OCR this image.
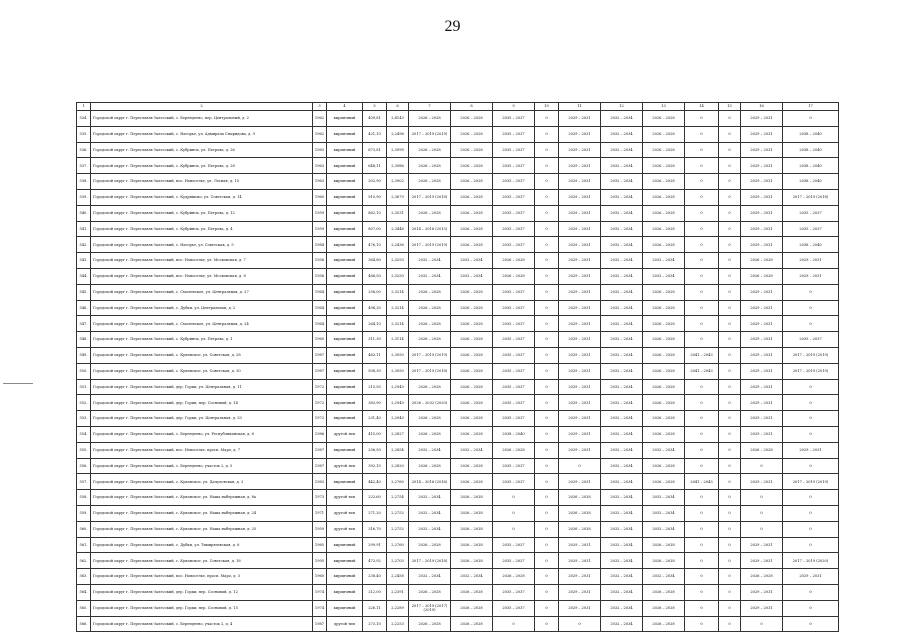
29
1	2	3	4	5	6	7	8	9	10	11	12	13	14	15	16	17
534.	Городской округ г. Переславль-Залесский, с. Берендеево, пер. Центральный, д. 2	1962	кирпичный	409,81	2,4143	2026 – 2028	2026 – 2028	2035 – 2037	0	2029 – 2031	2032 – 2034	2026 – 2028	0	0	2029 – 2031	0
535.	Городской округ г. Переславль-Залесский, с. Нагорье, ул. Адмирала Спиридова, д. 9	1962	кирпичный	421,10	2,2496	2017 – 2019 (2019)	2026 – 2028	2035 – 2037	0	2029 – 2031	2032 – 2034	2026 – 2028	0	0	2029 – 2031	2038 – 2040
536.	Городской округ г. Переславль-Залесский, с. Кубринск, ул. Петрова, д. 26	1983	кирпичный	673,81	2,3999	2026 – 2028	2026 – 2028	2035 – 2037	0	2029 – 2031	2032 – 2034	2026 – 2028	0	0	2029 – 2031	2038 – 2040
537.	Городской округ г. Переславль-Залесский, с. Кубринск, ул. Петрова, д. 28	1963	кирпичный	648,11	2,3986	2026 – 2028	2026 – 2028	2035 – 2037	0	2029 – 2031	2032 – 2034	2026 – 2028	0	0	2029 – 2031	2038 – 2040
538.	Городской округ г. Переславль-Залесский, пос. Новоселье, ул. Лесная, д. 10	1963	кирпичный	202,90	2,3902	2026 – 2028	2026 – 2028	2035 – 2037	0	2029 – 2031	2032 – 2034	2026 – 2028	0	0	2029 – 2031	2038 – 2040
539.	Городской округ г. Переславль-Залесский, с. Кудряшово, ул. Советская, д. 14	1960	кирпичный	910,90	2,3679	2017 – 2019 (2018)	2026 – 2028	2035 – 2037	0	2029 – 2031	2032 – 2034	2026 – 2028	0	0	2029 – 2031	2017 – 2019 (2018)
540.	Городской округ г. Переславль-Залесский, с. Кубринск, ул. Петрова, д. 12	1959	кирпичный	862,10	2,3531	2026 – 2028	2026 – 2028	2035 – 2037	0	2029 – 2031	2032 – 2034	2026 – 2028	0	0	2029 – 2031	2035 – 2037
541.	Городской округ г. Переславль-Залесский, с. Кубринск, ул. Петрова, д. 4	1959	кирпичный	807,00	2,3448	2014 – 2016 (2015)	2026 – 2028	2035 – 2037	0	2029 – 2031	2032 – 2034	2026 – 2028	0	0	2029 – 2031	2035 – 2037
542.	Городской округ г. Переславль-Залесский, с. Нагорье, ул. Советская, д. 5	1984	кирпичный	476,10	2,2436	2017 – 2019 (2019)	2026 – 2028	2035 – 2037	0	2029 – 2031	2032 – 2034	2026 – 2028	0	0	2029 – 2031	2038 – 2040
543.	Городской округ г. Переславль-Залесский, пос. Новоселье, ул. Московская, д. 7	1956	кирпичный	364,80	2,3293	2032 – 2034	2032 – 2034	2026 – 2028	0	2029 – 2031	2032 – 2034	2032 – 2034	0	0	2026 – 2028	2029 – 2031
544.	Городской округ г. Переславль-Залесский, пос. Новоселье, ул. Московская, д. 8	1956	кирпичный	486,50	2,3250	2032 – 2034	2032 – 2034	2026 – 2028	0	2029 – 2031	2032 – 2034	2032 – 2034	0	0	2026 – 2028	2029 – 2031
545.	Городской округ г. Переславль-Залесский, с. Смоленское, ул. Центральная, д. 27	1964	кирпичный	258,00	2,3214	2026 – 2028	2026 – 2028	2035 – 2037	0	2029 – 2031	2032 – 2034	2026 – 2028	0	0	2029 – 2031	0
546.	Городской округ г. Переславль-Залесский, с. Дубки, ул. Центральная, д. 2	1964	кирпичный	496,30	2,3214	2026 – 2028	2026 – 2028	2035 – 2037	0	2029 – 2031	2032 – 2034	2026 – 2028	0	0	2029 – 2031	0
547.	Городской округ г. Переславль-Залесский, с. Смоленское, ул. Центральная, д. 24	1964	кирпичный	264,10	2,3214	2026 – 2028	2026 – 2028	2035 – 2037	0	2029 – 2031	2032 – 2034	2026 – 2028	0	0	2029 – 2031	0
548.	Городской округ г. Переславль-Залесский, с. Кубринск, ул. Петрова, д. 1	1960	кирпичный	311,30	2,3114	2026 – 2028	2026 – 2028	2035 – 2037	0	2029 – 2031	2032 – 2034	2026 – 2028	0	0	2029 – 2031	2035 – 2037
549.	Городской округ г. Переславль-Залесский, с. Купанское, ул. Советская, д. 28	1987	кирпичный	463,11	2,3050	2017 – 2019 (2019)	2026 – 2028	2035 – 2037	0	2029 – 2031	2032 – 2034	2026 – 2028	2041 – 2043	0	2029 – 2031	2017 – 2019 (2019)
550.	Городской округ г. Переславль-Залесский, с. Купанское, ул. Советская, д. 30	1987	кирпичный	508,30	2,3050	2017 – 2019 (2018)	2026 – 2028	2035 – 2037	0	2029 – 2031	2032 – 2034	2026 – 2028	2041 – 2043	0	2029 – 2031	2017 – 2019 (2019)
551.	Городской округ г. Переславль-Залесский, дер. Горки, ул. Центральная, д. 11	1972	кирпичный	215,93	2,2940	2026 – 2028	2026 – 2028	2035 – 2037	0	2029 – 2031	2032 – 2034	2026 – 2028	0	0	2029 – 2031	0
552.	Городской округ г. Переславль-Залесский, дер. Горки, пер. Сосновый, д. 14	1972	кирпичный	383,90	2,2940	2026 – 2032 (2020)	2026 – 2028	2035 – 2037	0	2029 – 2031	2032 – 2034	2026 – 2028	0	0	2029 – 2031	0
553.	Городской округ г. Переславль-Залесский, дер. Горки, ул. Центральная, д. 33	1972	кирпичный	231,40	2,2940	2026 – 2028	2026 – 2028	2035 – 2037	0	2029 – 2031	2032 – 2034	2026 – 2028	0	0	2029 – 2031	0
554.	Городской округ г. Переславль-Залесский, с. Берендеево, ул. Республиканская, д. 6	1986	другой тип	415,00	2,2827	2026 – 2028	2026 – 2028	2038 – 2040	0	2029 – 2031	2032 – 2034	2026 – 2028	0	0	2029 – 2031	0
555.	Городской округ г. Переславль-Залесский, пос. Новоселье, просп. Маро, д. 7	1987	кирпичный	256,50	2,2854	2032 – 2034	2032 – 2034	2026 – 2028	0	2029 – 2031	2032 – 2034	2032 – 2034	0	0	2026 – 2028	2029 – 2031
556.	Городской округ г. Переславль-Залесский, с. Берендеево, участок 2, д. 5	1987	другой тип	392,10	2,2820	2026 – 2028	2026 – 2028	2035 – 2037	0	0	2032 – 2034	2026 – 2028	0	0	0	0
557.	Городской округ г. Переславль-Залесский, с. Купанское, ул. Дачуловская, д. 3	1983	кирпичный	442,40	2,2760	2014 – 2016 (2016)	2026 – 2028	2035 – 2037	0	2029 – 2031	2032 – 2034	2026 – 2028	2041 – 2043	0	2029 – 2031	2017 – 2019 (2019)
558.	Городской округ г. Переславль-Залесский, с. Купанское, ул. Наша набережная, д. 8а	1973	другой тип	222,60	2,2754	2032 – 2034	2026 – 2028	0	0	2026 – 2028	2032 – 2034	2032 – 2034	0	0	0	0
559.	Городской округ г. Переславль-Залесский, с. Купанское, ул. Наша набережная, д. 24	1971	другой тип	271,20	2,2752	2032 – 2034	2026 – 2028	0	0	2026 – 2028	2032 – 2034	2032 – 2034	0	0	0	0
560.	Городской округ г. Переславль-Залесский, с. Купанское, ул. Наша набережная, д. 25	1959	другой тип	316,70	2,2752	2032 – 2034	2026 – 2028	0	0	2026 – 2028	2032 – 2034	2032 – 2034	0	0	0	0
561.	Городской округ г. Переславль-Залесский, с. Дубки, ул. Тимирязевская, д. 6	1985	кирпичный	299,91	2,2760	2026 – 2028	2026 – 2028	2035 – 2037	0	2029 – 2031	2032 – 2034	2026 – 2028	0	0	2029 – 2031	0
562.	Городской округ г. Переславль-Залесский, с. Купанское, ул. Советская, д. 16	1995	кирпичный	473,92	2,2703	2017 – 2019 (2018)	2026 – 2028	2035 – 2037	0	2029 – 2031	2032 – 2034	2026 – 2028	0	0	2029 – 2031	2017 – 2019 (2020)
563.	Городской округ г. Переславль-Залесский, пос. Новоселье, просп. Маро, д. 3	1960	кирпичный	238,40	2,2458	2032 – 2034	2032 – 2034	2026 – 2028	0	2029 – 2031	2032 – 2034	2032 – 2034	0	0	2026 – 2028	2029 – 2031
564.	Городской округ г. Переславль-Залесский, дер. Горки, пер. Сосновый, д. 12	1974	кирпичный	212,00	2,2391	2026 – 2028	2026 – 2028	2035 – 2037	0	2029 – 2031	2032 – 2034	2026 – 2028	0	0	2029 – 2031	0
565.	Городской округ г. Переславль-Залесский, дер. Горки, пер. Сосновый, д. 15	1974	кирпичный	226,11	2,2289	2017 – 2019 (2017)(2019)	2026 – 2028	2035 – 2037	0	2029 – 2031	2032 – 2034	2026 – 2028	0	0	2029 – 2031	0
566.	Городской округ г. Переславль-Залесский, с. Берендеево, участок 2, д. 4	1987	другой тип	273,10	2,2253	2026 – 2028	2026 – 2028	0	0	0	2032 – 2034	2026 – 2028	0	0	0	0
